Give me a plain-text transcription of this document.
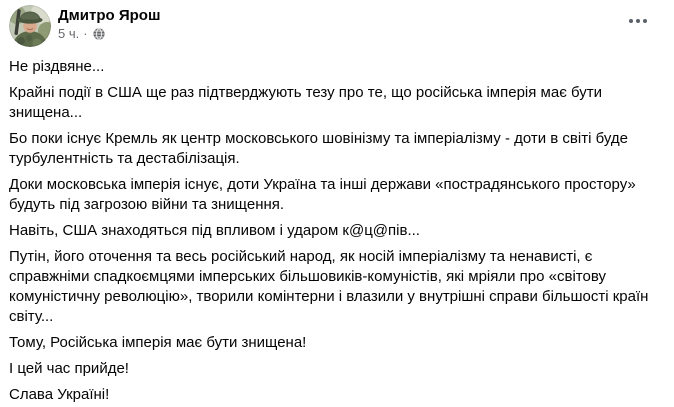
Дмитро Ярош
5 ч. ·

Не різдвяне...

Крайні події в США ще раз підтверджують тезу про те, що російська імперія має бути знищена...

Бо поки існує Кремль як центр московського шовінізму та імперіалізму - доти в світі буде турбулентність та дестабілізація.

Доки московська імперія існує, доти Україна та інші держави «пострадянського простору» будуть під загрозою війни та знищення.

Навіть, США знаходяться під впливом і ударом к@ц@пів...

Путін, його оточення та весь російський народ, як носій імперіалізму та ненависті, є справжніми спадкоємцями імперських більшовиків-комуністів, які мріяли про «світову комуністичну революцію», творили комінтерни і влазили у внутрішні справи більшості країн світу...

Тому, Російська імперія має бути знищена!

І цей час прийде!

Слава Україні!
